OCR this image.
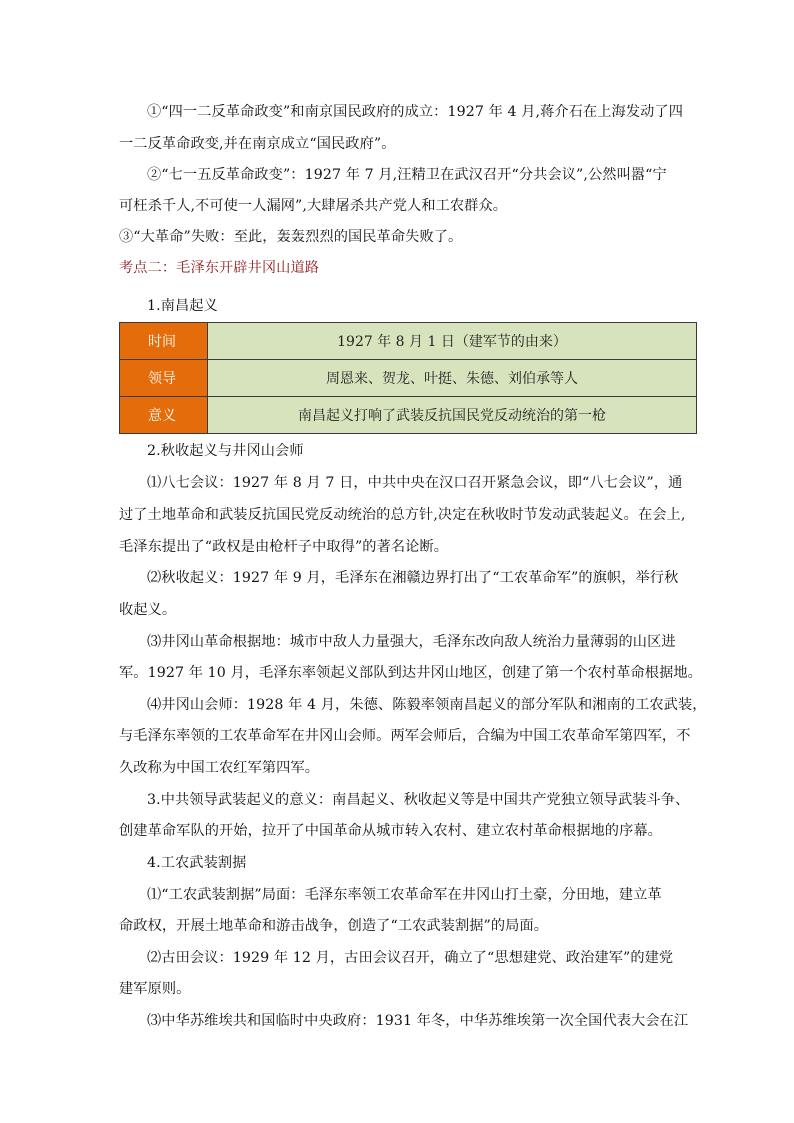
①“四一二反革命政变”和南京国民政府的成立：1927 年 4 月,蒋介石在上海发动了四

一二反革命政变,并在南京成立“国民政府”。

②“七一五反革命政变”：1927 年 7 月,汪精卫在武汉召开“分共会议”,公然叫嚣“宁

可枉杀千人,不可使一人漏网”,大肆屠杀共产党人和工农群众。

③“大革命”失败：至此，轰轰烈烈的国民革命失败了。

考点二：毛泽东开辟井冈山道路

1.南昌起义

时间	1927 年 8 月 1 日（建军节的由来）
领导	周恩来、贺龙、叶挺、朱德、刘伯承等人
意义	南昌起义打响了武装反抗国民党反动统治的第一枪

2.秋收起义与井冈山会师

⑴八七会议：1927 年 8 月 7 日，中共中央在汉口召开紧急会议，即“八七会议”，通

过了土地革命和武装反抗国民党反动统治的总方针,决定在秋收时节发动武装起义。在会上,

毛泽东提出了“政权是由枪杆子中取得”的著名论断。

⑵秋收起义：1927 年 9 月，毛泽东在湘赣边界打出了“工农革命军”的旗帜，举行秋

收起义。

⑶井冈山革命根据地：城市中敌人力量强大，毛泽东改向敌人统治力量薄弱的山区进

军。1927 年 10 月，毛泽东率领起义部队到达井冈山地区，创建了第一个农村革命根据地。

⑷井冈山会师：1928 年 4 月，朱德、陈毅率领南昌起义的部分军队和湘南的工农武装，

与毛泽东率领的工农革命军在井冈山会师。两军会师后，合编为中国工农革命军第四军，不

久改称为中国工农红军第四军。

3.中共领导武装起义的意义：南昌起义、秋收起义等是中国共产党独立领导武装斗争、

创建革命军队的开始，拉开了中国革命从城市转入农村、建立农村革命根据地的序幕。

4.工农武装割据

⑴“工农武装割据”局面：毛泽东率领工农革命军在井冈山打土豪，分田地，建立革

命政权，开展土地革命和游击战争，创造了“工农武装割据”的局面。

⑵古田会议：1929 年 12 月，古田会议召开，确立了“思想建党、政治建军”的建党

建军原则。

⑶中华苏维埃共和国临时中央政府：1931 年冬，中华苏维埃第一次全国代表大会在江
